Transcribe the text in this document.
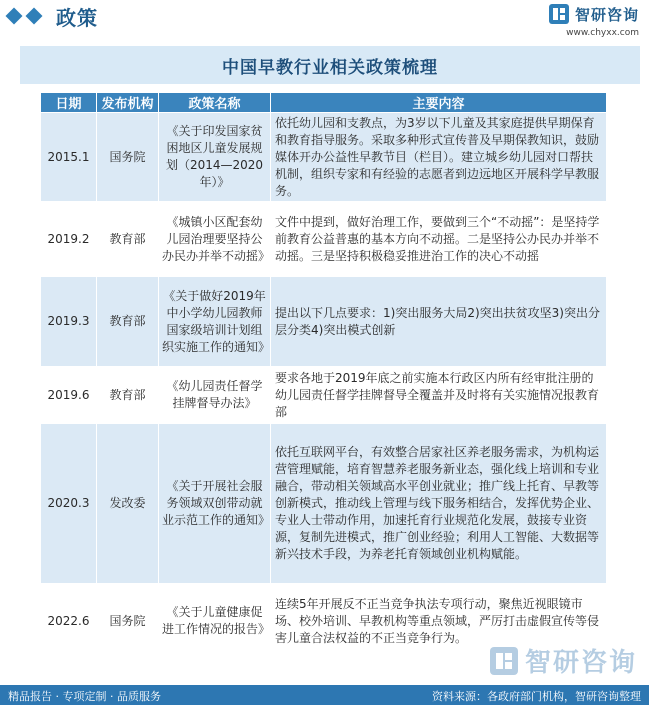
政策	智研咨询
www.chyxx.com
中国早教行业相关政策梳理
日期	发布机构	政策名称	主要内容
2015.1	国务院	《关于印发国家贫困地区儿童发展规划（2014—2020年）》	依托幼儿园和支教点，为3岁以下儿童及其家庭提供早期保育和教育指导服务。采取多种形式宣传普及早期保教知识，鼓励媒体开办公益性早教节目（栏目）。建立城乡幼儿园对口帮扶机制，组织专家和有经验的志愿者到边远地区开展科学早教服务。
2019.2	教育部	《城镇小区配套幼儿园治理要坚持公办民办并举不动摇》	文件中提到，做好治理工作，要做到三个“不动摇”：是坚持学前教育公益普惠的基本方向不动摇。二是坚持公办民办并举不动摇。三是坚持积极稳妥推进治工作的决心不动摇
2019.3	教育部	《关于做好2019年中小学幼儿园教师国家级培训计划组织实施工作的通知》	提出以下几点要求：1)突出服务大局2)突出扶贫攻坚3)突出分层分类4)突出模式创新
2019.6	教育部	《幼儿园责任督学挂牌督导办法》	要求各地于2019年底之前实施本行政区内所有经审批注册的幼儿园责任督学挂牌督导全覆盖并及时将有关实施情况报教育部
2020.3	发改委	《关于开展社会服务领域双创带动就业示范工作的通知》	依托互联网平台，有效整合居家社区养老服务需求，为机构运营管理赋能，培育智慧养老服务新业态，强化线上培训和专业融合，带动相关领域高水平创业就业；推广线上托育、早教等创新模式，推动线上管理与线下服务相结合，发挥优势企业、专业人士带动作用，加速托育行业规范化发展，鼓接专业资源，复制先进模式，推广创业经验；利用人工智能、大数据等新兴技术手段，为养老托育领域创业机构赋能。
2022.6	国务院	《关于儿童健康促进工作情况的报告》	连续5年开展反不正当竞争执法专项行动，聚焦近视眼镜市场、校外培训、早教机构等重点领域，严厉打击虚假宣传等侵害儿童合法权益的不正当竞争行为。
智研咨询
精品报告 · 专项定制 · 品质服务	资料来源：各政府部门机构，智研咨询整理
